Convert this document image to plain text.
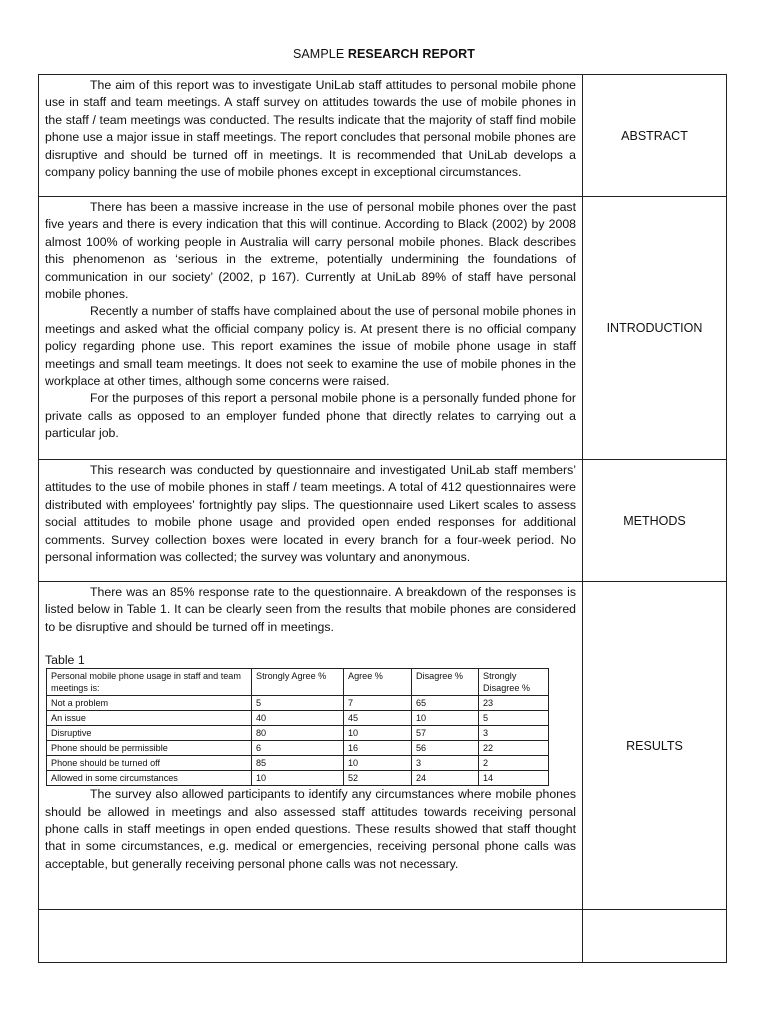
SAMPLE RESEARCH REPORT

The aim of this report was to investigate UniLab staff attitudes to personal mobile phone use in staff and team meetings. A staff survey on attitudes towards the use of mobile phones in the staff / team meetings was conducted. The results indicate that the majority of staff find mobile phone use a major issue in staff meetings. The report concludes that personal mobile phones are disruptive and should be turned off in meetings. It is recommended that UniLab develops a company policy banning the use of mobile phones except in exceptional circumstances.

	ABSTRACT

There has been a massive increase in the use of personal mobile phones over the past five years and there is every indication that this will continue. According to Black (2002) by 2008 almost 100% of working people in Australia will carry personal mobile phones. Black describes this phenomenon as ‘serious in the extreme, potentially undermining the foundations of communication in our society’ (2002, p 167). Currently at UniLab 89% of staff have personal mobile phones.

Recently a number of staffs have complained about the use of personal mobile phones in meetings and asked what the official company policy is. At present there is no official company policy regarding phone use. This report examines the issue of mobile phone usage in staff meetings and small team meetings. It does not seek to examine the use of mobile phones in the workplace at other times, although some concerns were raised.

For the purposes of this report a personal mobile phone is a personally funded phone for private calls as opposed to an employer funded phone that directly relates to carrying out a particular job.

	INTRODUCTION

This research was conducted by questionnaire and investigated UniLab staff members’ attitudes to the use of mobile phones in staff / team meetings. A total of 412 questionnaires were distributed with employees’ fortnightly pay slips. The questionnaire used Likert scales to assess social attitudes to mobile phone usage and provided open ended responses for additional comments. Survey collection boxes were located in every branch for a four-week period. No personal information was collected; the survey was voluntary and anonymous.

	METHODS

There was an 85% response rate to the questionnaire. A breakdown of the responses is listed below in Table 1. It can be clearly seen from the results that mobile phones are considered to be disruptive and should be turned off in meetings.

Table 1
Personal mobile phone usage in staff and team meetings is:	Strongly Agree %	Agree %	Disagree %	Strongly Disagree %
Not a problem	5	7	65	23
An issue	40	45	10	5
Disruptive	80	10	57	3
Phone should be permissible	6	16	56	22
Phone should be turned off	85	10	3	2
Allowed in some circumstances	10	52	24	14

The survey also allowed participants to identify any circumstances where mobile phones should be allowed in meetings and also assessed staff attitudes towards receiving personal phone calls in staff meetings in open ended questions. These results showed that staff thought that in some circumstances, e.g. medical or emergencies, receiving personal phone calls was acceptable, but generally receiving personal phone calls was not necessary.

	RESULTS
